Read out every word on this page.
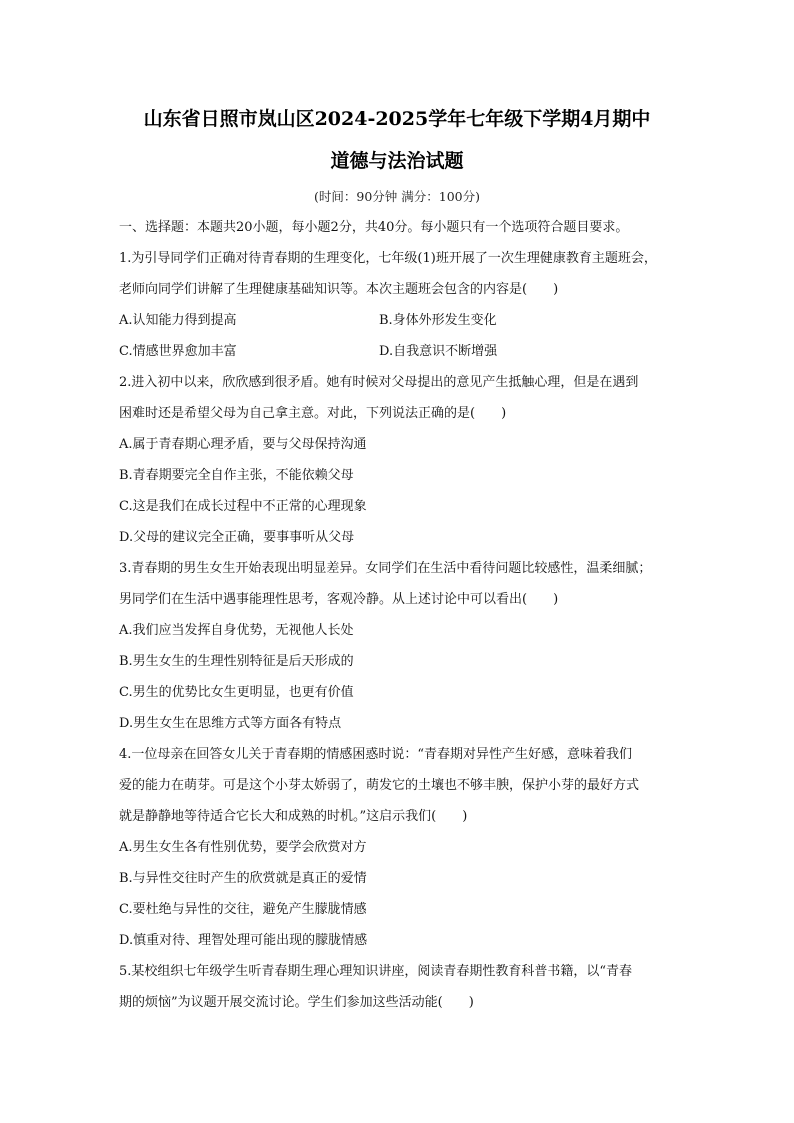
山东省日照市岚山区2024-2025学年七年级下学期4月期中
道德与法治试题
(时间：90分钟 满分：100分)
一、选择题：本题共20小题，每小题2分，共40分。每小题只有一个选项符合题目要求。
1.为引导同学们正确对待青春期的生理变化，七年级(1)班开展了一次生理健康教育主题班会，
老师向同学们讲解了生理健康基础知识等。本次主题班会包含的内容是(　　)
A.认知能力得到提高	B.身体外形发生变化
C.情感世界愈加丰富	D.自我意识不断增强
2.进入初中以来，欣欣感到很矛盾。她有时候对父母提出的意见产生抵触心理，但是在遇到
困难时还是希望父母为自己拿主意。对此，下列说法正确的是(　　)
A.属于青春期心理矛盾，要与父母保持沟通
B.青春期要完全自作主张，不能依赖父母
C.这是我们在成长过程中不正常的心理现象
D.父母的建议完全正确，要事事听从父母
3.青春期的男生女生开始表现出明显差异。女同学们在生活中看待问题比较感性，温柔细腻；
男同学们在生活中遇事能理性思考，客观冷静。从上述讨论中可以看出(　　)
A.我们应当发挥自身优势，无视他人长处
B.男生女生的生理性别特征是后天形成的
C.男生的优势比女生更明显，也更有价值
D.男生女生在思维方式等方面各有特点
4.一位母亲在回答女儿关于青春期的情感困惑时说：“青春期对异性产生好感，意味着我们
爱的能力在萌芽。可是这个小芽太娇弱了，萌发它的土壤也不够丰腴，保护小芽的最好方式
就是静静地等待适合它长大和成熟的时机。”这启示我们(　　)
A.男生女生各有性别优势，要学会欣赏对方
B.与异性交往时产生的欣赏就是真正的爱情
C.要杜绝与异性的交往，避免产生朦胧情感
D.慎重对待、理智处理可能出现的朦胧情感
5.某校组织七年级学生听青春期生理心理知识讲座，阅读青春期性教育科普书籍，以“青春
期的烦恼”为议题开展交流讨论。学生们参加这些活动能(　　)
